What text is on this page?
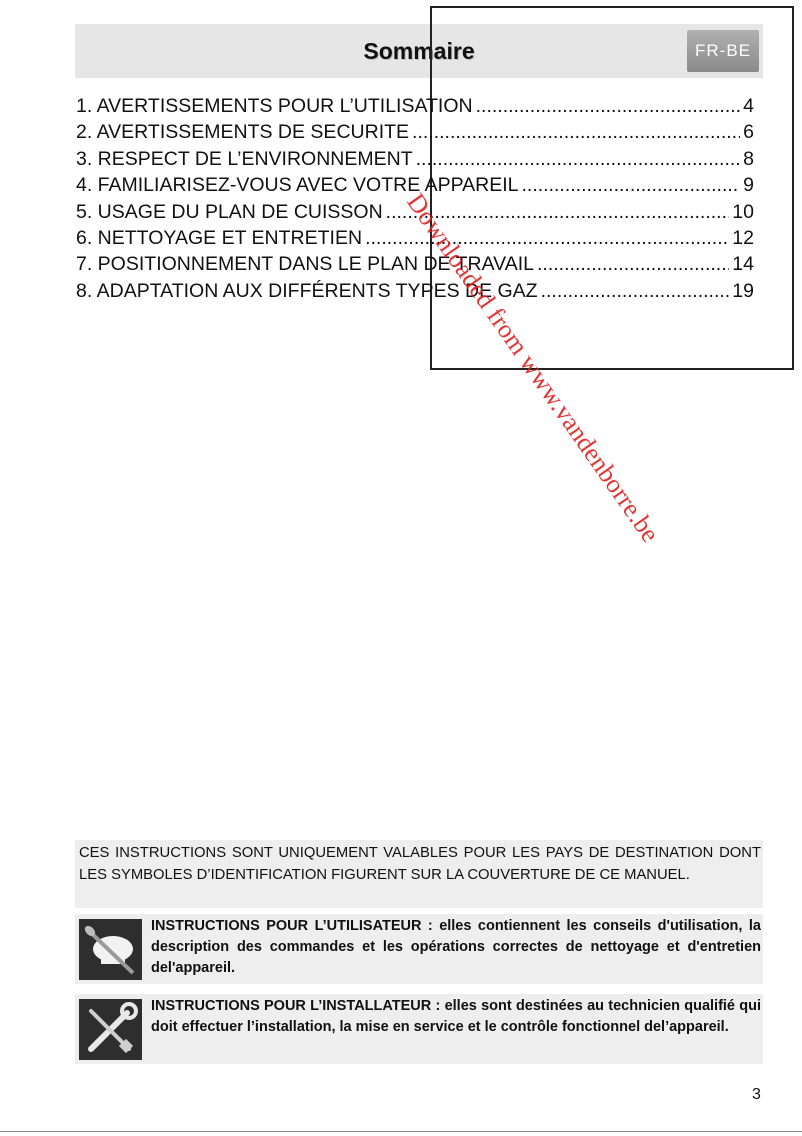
Sommaire	FR-BE
1. AVERTISSEMENTS POUR L’UTILISATION .....	4
2. AVERTISSEMENTS DE SECURITE .....	6
3. RESPECT DE L’ENVIRONNEMENT .....	8
4. FAMILIARISEZ-VOUS AVEC VOTRE APPAREIL .....	9
5. USAGE DU PLAN DE CUISSON .....	10
6. NETTOYAGE ET ENTRETIEN .....	12
7. POSITIONNEMENT DANS LE PLAN DE TRAVAIL .....	14
8. ADAPTATION AUX DIFFÉRENTS TYPES DE GAZ .....	19
Downloaded from www.vandenborre.be
CES INSTRUCTIONS SONT UNIQUEMENT VALABLES POUR LES PAYS DE DESTINATION DONT LES SYMBOLES D’IDENTIFICATION FIGURENT SUR LA COUVERTURE DE CE MANUEL.
INSTRUCTIONS POUR L’UTILISATEUR : elles contiennent les conseils d'utilisation, la description des commandes et les opérations correctes de nettoyage et d'entretien del'appareil.
INSTRUCTIONS POUR L’INSTALLATEUR : elles sont destinées au technicien qualifié qui doit effectuer l’installation, la mise en service et le contrôle fonctionnel del’appareil.
3
